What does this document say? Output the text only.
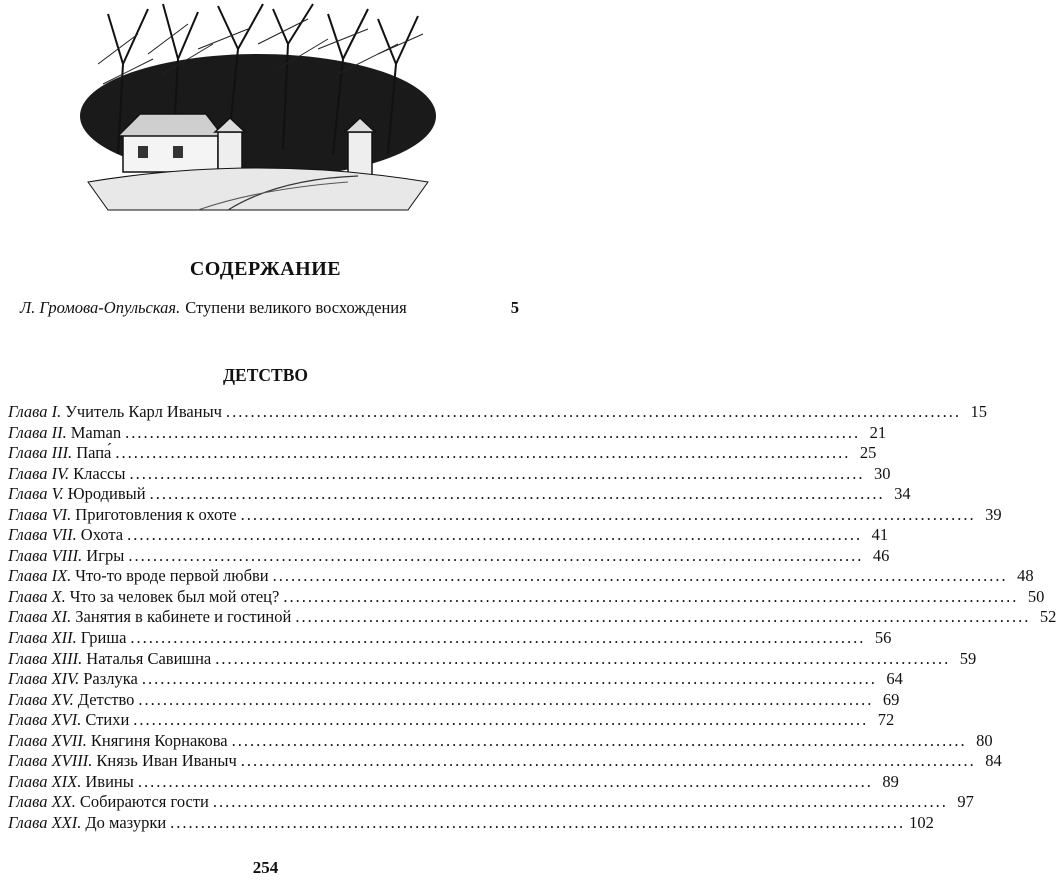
СОДЕРЖАНИЕ
Л. Громова-Опульская. Ступени великого восхождения	5
ДЕТСТВО
Глава I. Учитель Карл Иваныч ........................................................................................................................ 15
Глава II. Maman ........................................................................................................................ 21
Глава III. Папа́ ........................................................................................................................ 25
Глава IV. Классы ........................................................................................................................ 30
Глава V. Юродивый ........................................................................................................................ 34
Глава VI. Приготовления к охоте ........................................................................................................................ 39
Глава VII. Охота ........................................................................................................................ 41
Глава VIII. Игры ........................................................................................................................ 46
Глава IX. Что-то вроде первой любви ........................................................................................................................ 48
Глава X. Что за человек был мой отец? ........................................................................................................................ 50
Глава XI. Занятия в кабинете и гостиной ........................................................................................................................ 52
Глава XII. Гриша ........................................................................................................................ 56
Глава XIII. Наталья Савишна ........................................................................................................................ 59
Глава XIV. Разлука ........................................................................................................................ 64
Глава XV. Детство ........................................................................................................................ 69
Глава XVI. Стихи ........................................................................................................................ 72
Глава XVII. Княгиня Корнакова ........................................................................................................................ 80
Глава XVIII. Князь Иван Иваныч ........................................................................................................................ 84
Глава XIX. Ивины ........................................................................................................................ 89
Глава XX. Собираются гости ........................................................................................................................ 97
Глава XXI. До мазурки ........................................................................................................................ 102
254
